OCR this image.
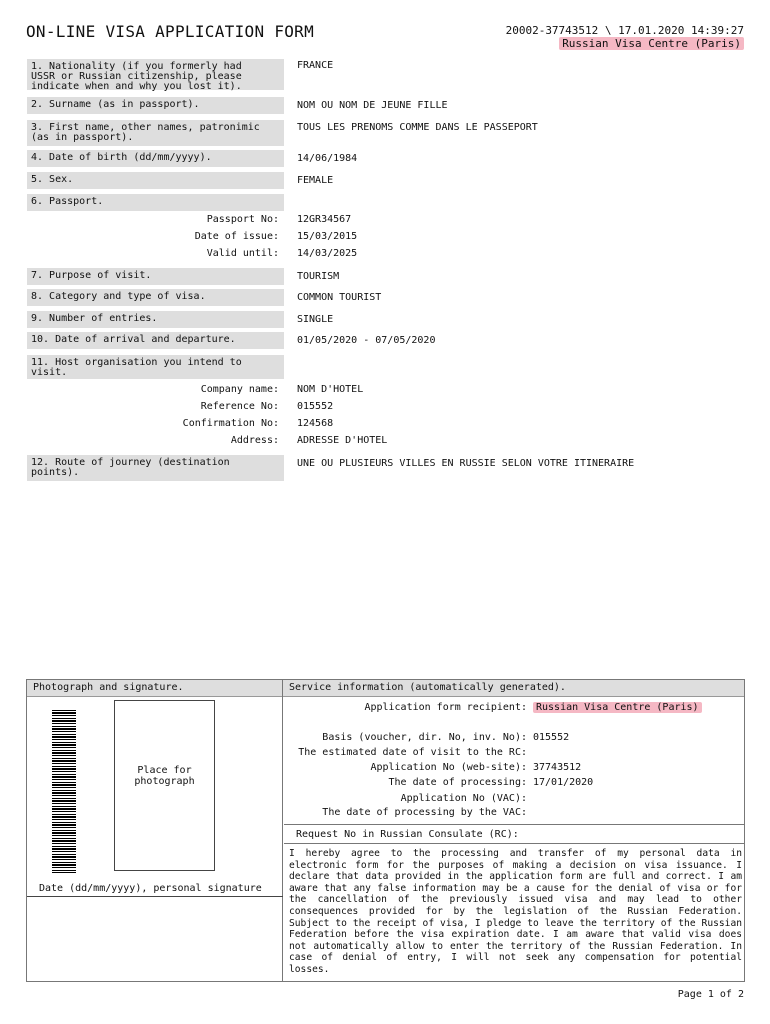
ON-LINE VISA APPLICATION FORM	20002-37743512 \ 17.01.2020 14:39:27
Russian Visa Centre (Paris)
1. Nationality (if you formerly had
USSR or Russian citizenship, please
indicate when and why you lost it).
FRANCE
2. Surname (as in passport).	NOM OU NOM DE JEUNE FILLE
3. First name, other names, patronimic
(as in passport).
TOUS LES PRENOMS COMME DANS LE PASSEPORT
4. Date of birth (dd/mm/yyyy).	14/06/1984
5. Sex.	FEMALE
6. Passport.
Passport No: 12GR34567
Date of issue: 15/03/2015
Valid until: 14/03/2025
7. Purpose of visit.	TOURISM
8. Category and type of visa.	COMMON TOURIST
9. Number of entries.	SINGLE
10. Date of arrival and departure.	01/05/2020 - 07/05/2020
11. Host organisation you intend to
visit.
Company name: NOM D'HOTEL
Reference No: 015552
Confirmation No: 124568
Address: ADRESSE D'HOTEL
12. Route of journey (destination
points).
UNE OU PLUSIEURS VILLES EN RUSSIE SELON VOTRE ITINERAIRE
Photograph and signature.
Place for
photograph
Date (dd/mm/yyyy), personal signature
Service information (automatically generated).
Application form recipient: Russian Visa Centre (Paris)
Basis (voucher, dir. No, inv. No): 015552
The estimated date of visit to the RC:
Application No (web-site): 37743512
The date of processing: 17/01/2020
Application No (VAC):
The date of processing by the VAC:
Request No in Russian Consulate (RC):
I hereby agree to the processing and transfer of my personal data in electronic form for the purposes of making a decision on visa issuance. I declare that data provided in the application form are full and correct. I am aware that any false information may be a cause for the denial of visa or for the cancellation of the previously issued visa and may lead to other consequences provided for by the legislation of the Russian Federation. Subject to the receipt of visa, I pledge to leave the territory of the Russian Federation before the visa expiration date. I am aware that valid visa does not automatically allow to enter the territory of the Russian Federation. In case of denial of entry, I will not seek any compensation for potential losses.
Page 1 of 2
